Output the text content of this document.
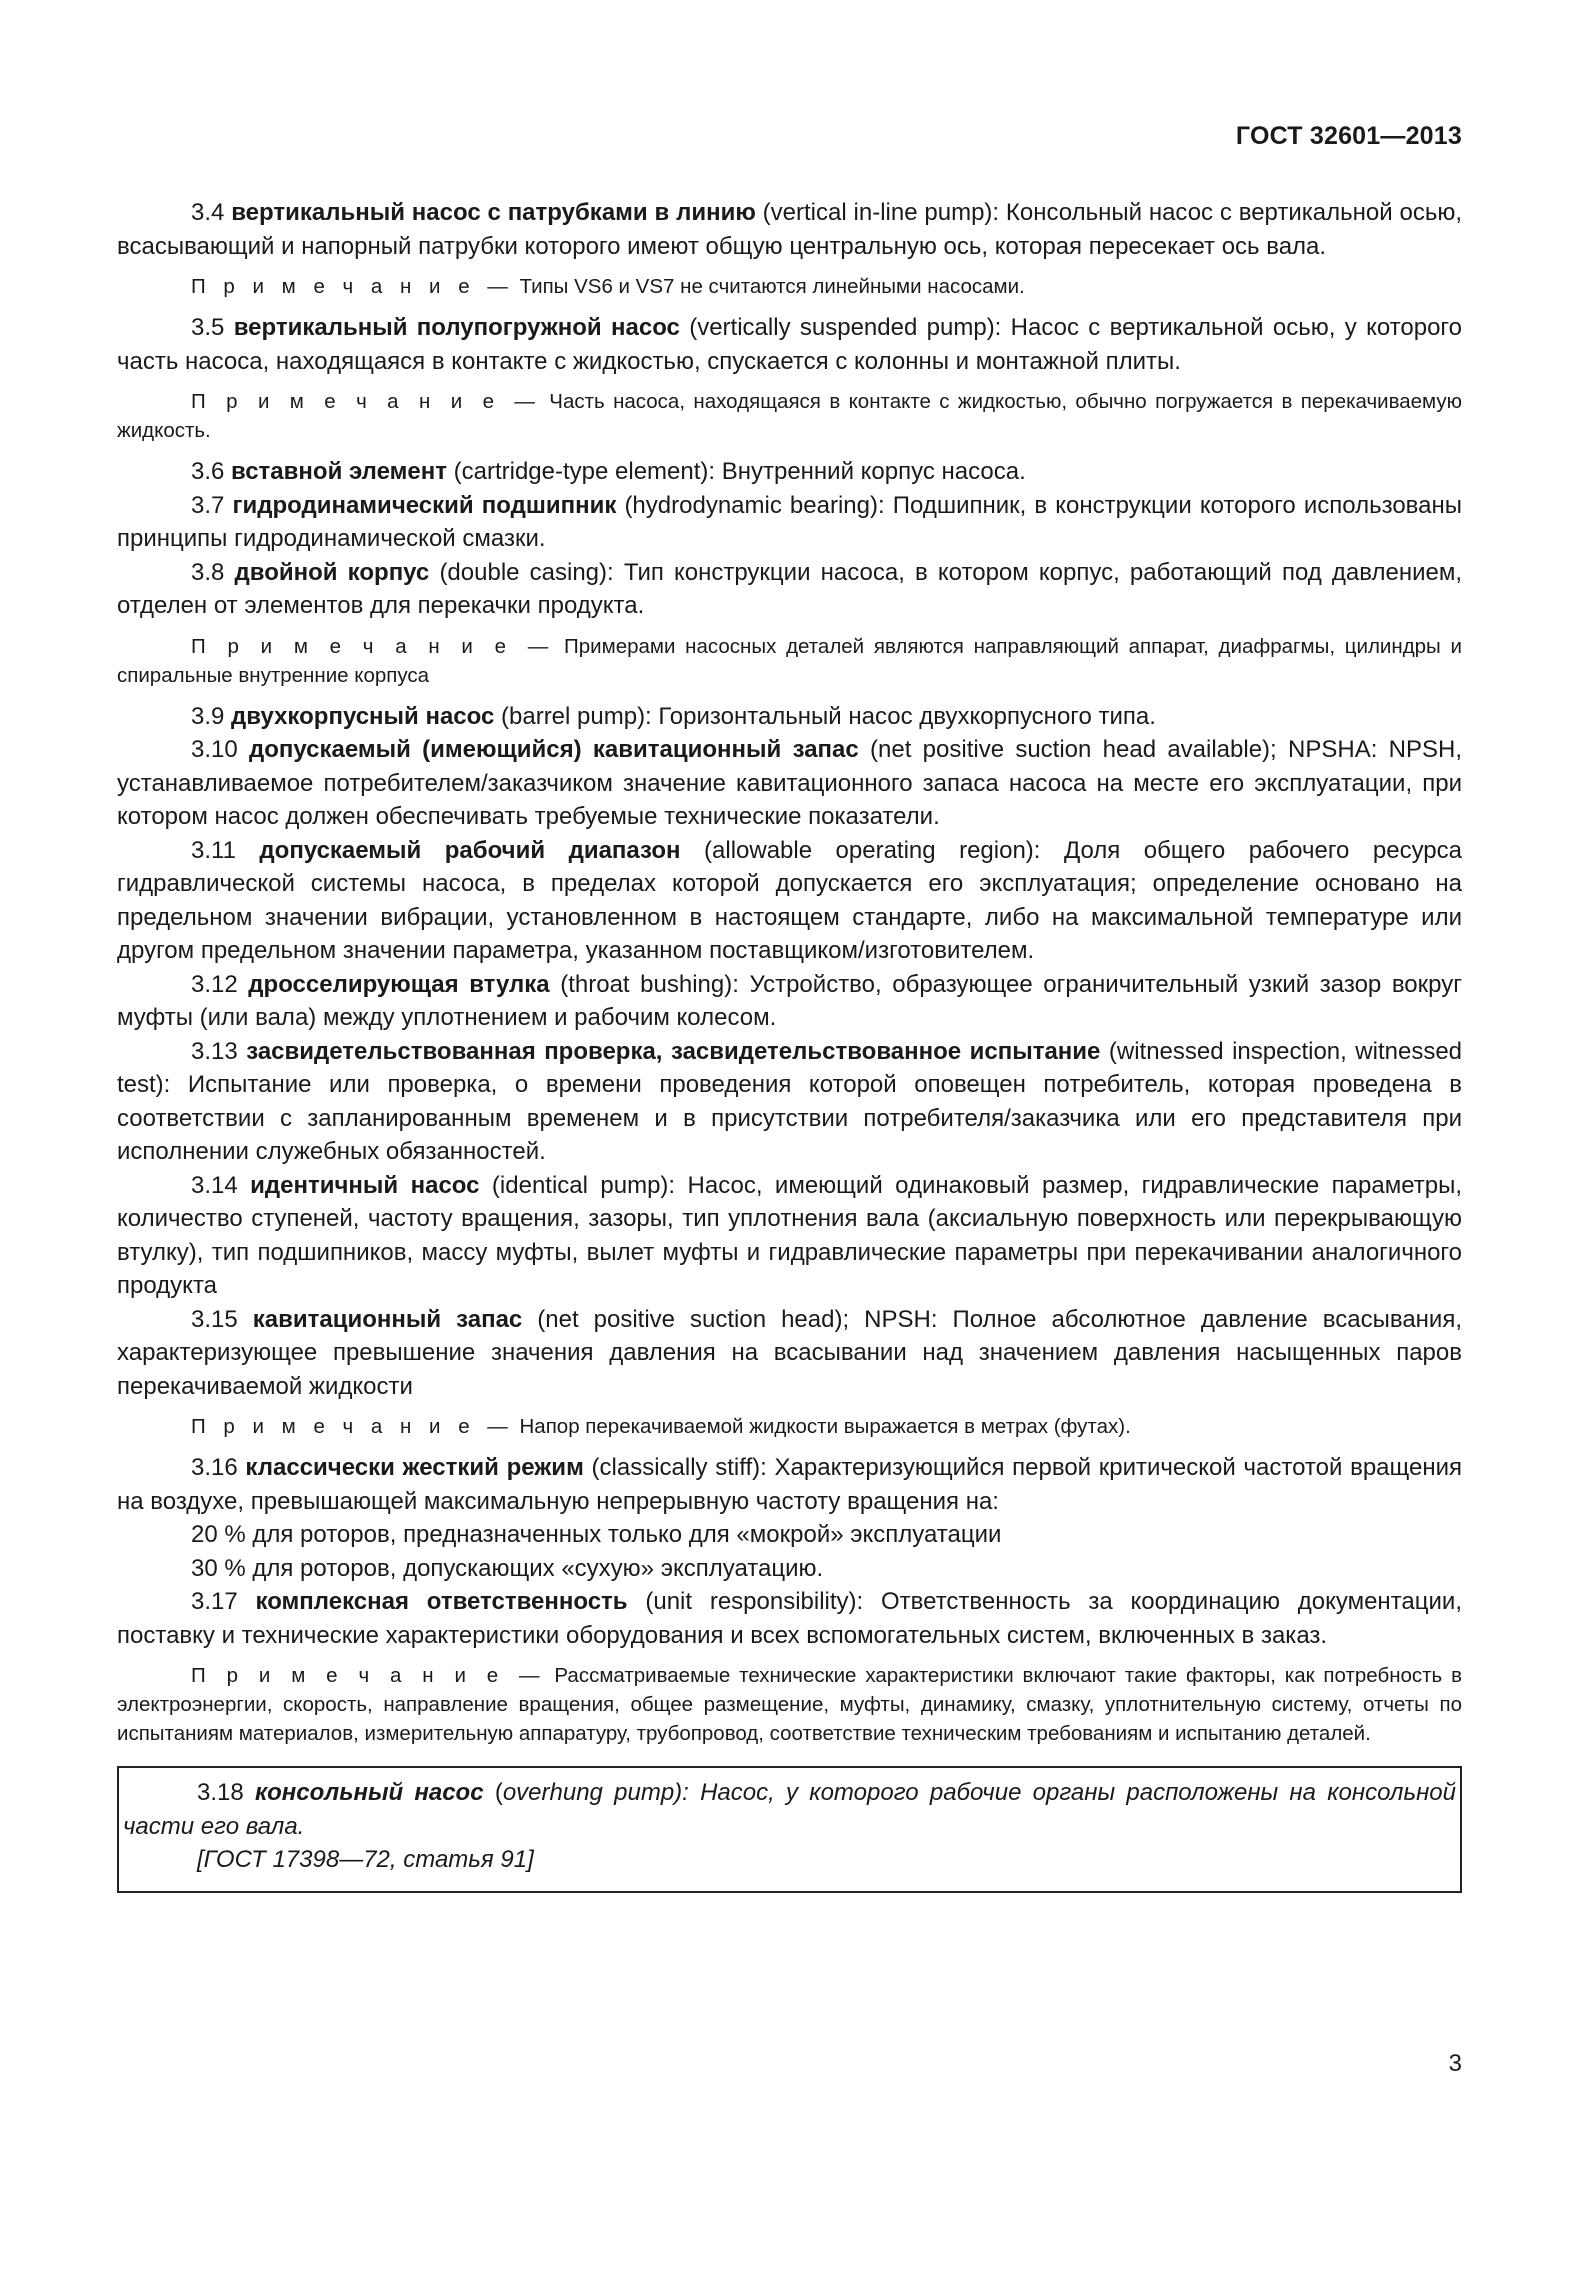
ГОСТ 32601—2013

3.4 вертикальный насос с патрубками в линию (vertical in-line pump): Консольный насос с вертикальной осью, всасывающий и напорный патрубки которого имеют общую центральную ось, которая пересекает ось вала.

П р и м е ч а н и е — Типы VS6 и VS7 не считаются линейными насосами.

3.5 вертикальный полупогружной насос (vertically suspended pump): Насос с вертикальной осью, у которого часть насоса, находящаяся в контакте с жидкостью, спускается с колонны и монтажной плиты.

П р и м е ч а н и е — Часть насоса, находящаяся в контакте с жидкостью, обычно погружается в перекачиваемую жидкость.

3.6 вставной элемент (cartridge-type element): Внутренний корпус насоса.

3.7 гидродинамический подшипник (hydrodynamic bearing): Подшипник, в конструкции которого использованы принципы гидродинамической смазки.

3.8 двойной корпус (double casing): Тип конструкции насоса, в котором корпус, работающий под давлением, отделен от элементов для перекачки продукта.

П р и м е ч а н и е — Примерами насосных деталей являются направляющий аппарат, диафрагмы, цилиндры и спиральные внутренние корпуса

3.9 двухкорпусный насос (barrel pump): Горизонтальный насос двухкорпусного типа.

3.10 допускаемый (имеющийся) кавитационный запас (net positive suction head available); NPSHA: NPSH, устанавливаемое потребителем/заказчиком значение кавитационного запаса насоса на месте его эксплуатации, при котором насос должен обеспечивать требуемые технические показатели.

3.11 допускаемый рабочий диапазон (allowable operating region): Доля общего рабочего ресурса гидравлической системы насоса, в пределах которой допускается его эксплуатация; определение основано на предельном значении вибрации, установленном в настоящем стандарте, либо на максимальной температуре или другом предельном значении параметра, указанном поставщиком/изготовителем.

3.12 дросселирующая втулка (throat bushing): Устройство, образующее ограничительный узкий зазор вокруг муфты (или вала) между уплотнением и рабочим колесом.

3.13 засвидетельствованная проверка, засвидетельствованное испытание (witnessed inspection, witnessed test): Испытание или проверка, о времени проведения которой оповещен потребитель, которая проведена в соответствии с запланированным временем и в присутствии потребителя/заказчика или его представителя при исполнении служебных обязанностей.

3.14 идентичный насос (identical pump): Насос, имеющий одинаковый размер, гидравлические параметры, количество ступеней, частоту вращения, зазоры, тип уплотнения вала (аксиальную поверхность или перекрывающую втулку), тип подшипников, массу муфты, вылет муфты и гидравлические параметры при перекачивании аналогичного продукта

3.15 кавитационный запас (net positive suction head); NPSH: Полное абсолютное давление всасывания, характеризующее превышение значения давления на всасывании над значением давления насыщенных паров перекачиваемой жидкости

П р и м е ч а н и е — Напор перекачиваемой жидкости выражается в метрах (футах).

3.16 классически жесткий режим (classically stiff): Характеризующийся первой критической частотой вращения на воздухе, превышающей максимальную непрерывную частоту вращения на:

20 % для роторов, предназначенных только для «мокрой» эксплуатации

30 % для роторов, допускающих «сухую» эксплуатацию.

3.17 комплексная ответственность (unit responsibility): Ответственность за координацию документации, поставку и технические характеристики оборудования и всех вспомогательных систем, включенных в заказ.

П р и м е ч а н и е — Рассматриваемые технические характеристики включают такие факторы, как потребность в электроэнергии, скорость, направление вращения, общее размещение, муфты, динамику, смазку, уплотнительную систему, отчеты по испытаниям материалов, измерительную аппаратуру, трубопровод, соответствие техническим требованиям и испытанию деталей.

3.18 консольный насос (overhung pump): Насос, у которого рабочие органы расположены на консольной части его вала.

[ГОСТ 17398—72, статья 91]

3
